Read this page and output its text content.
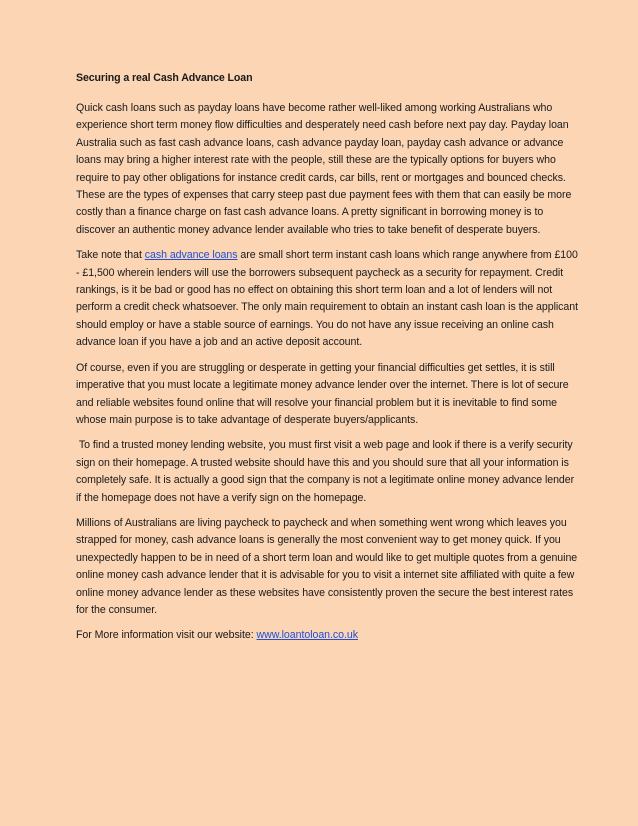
Securing a real Cash Advance Loan

Quick cash loans such as payday loans have become rather well-liked among working Australians who experience short term money flow difficulties and desperately need cash before next pay day. Payday loan Australia such as fast cash advance loans, cash advance payday loan, payday cash advance or advance loans may bring a higher interest rate with the people, still these are the typically options for buyers who require to pay other obligations for instance credit cards, car bills, rent or mortgages and bounced checks. These are the types of expenses that carry steep past due payment fees with them that can easily be more costly than a finance charge on fast cash advance loans. A pretty significant in borrowing money is to discover an authentic money advance lender available who tries to take benefit of desperate buyers.

Take note that cash advance loans are small short term instant cash loans which range anywhere from £100 - £1,500 wherein lenders will use the borrowers subsequent paycheck as a security for repayment. Credit rankings, is it be bad or good has no effect on obtaining this short term loan and a lot of lenders will not perform a credit check whatsoever. The only main requirement to obtain an instant cash loan is the applicant should employ or have a stable source of earnings. You do not have any issue receiving an online cash advance loan if you have a job and an active deposit account.

Of course, even if you are struggling or desperate in getting your financial difficulties get settles, it is still imperative that you must locate a legitimate money advance lender over the internet. There is lot of secure and reliable websites found online that will resolve your financial problem but it is inevitable to find some whose main purpose is to take advantage of desperate buyers/applicants.

To find a trusted money lending website, you must first visit a web page and look if there is a verify security sign on their homepage. A trusted website should have this and you should sure that all your information is completely safe. It is actually a good sign that the company is not a legitimate online money advance lender if the homepage does not have a verify sign on the homepage.

Millions of Australians are living paycheck to paycheck and when something went wrong which leaves you strapped for money, cash advance loans is generally the most convenient way to get money quick. If you unexpectedly happen to be in need of a short term loan and would like to get multiple quotes from a genuine online money cash advance lender that it is advisable for you to visit a internet site affiliated with quite a few online money advance lender as these websites have consistently proven the secure the best interest rates for the consumer.

For More information visit our website: www.loantoloan.co.uk
